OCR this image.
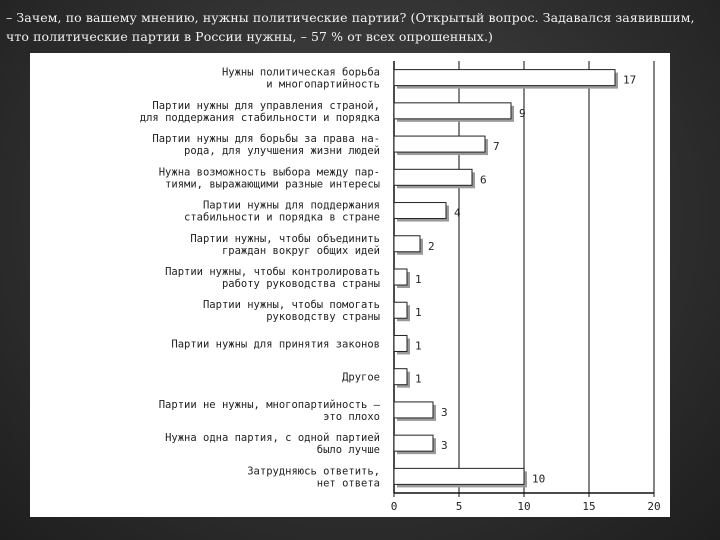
– Зачем, по вашему мнению, нужны политические партии? (Открытый вопрос. Задавался заявившим, что политические партии в России нужны, – 57 % от всех опрошенных.)
0	5	10	15	20
17
Нужны политическая борьба
и многопартийность
9
Партии нужны для управления страной,
для поддержания стабильности и порядка
7
Партии нужны для борьбы за права на-
рода, для улучшения жизни людей
6
Нужна возможность выбора между пар-
тиями, выражающими разные интересы
4
Партии нужны для поддержания
стабильности и порядка в стране
2
Партии нужны, чтобы объединить
граждан вокруг общих идей
1
Партии нужны, чтобы контролировать
работу руководства страны
1
Партии нужны, чтобы помогать
руководству страны
1
Партии нужны для принятия законов
1
Другое
3
Партии не нужны, многопартийность –
это плохо
3
Нужна одна партия, с одной партией
было лучше
10
Затрудняюсь ответить,
нет ответа
